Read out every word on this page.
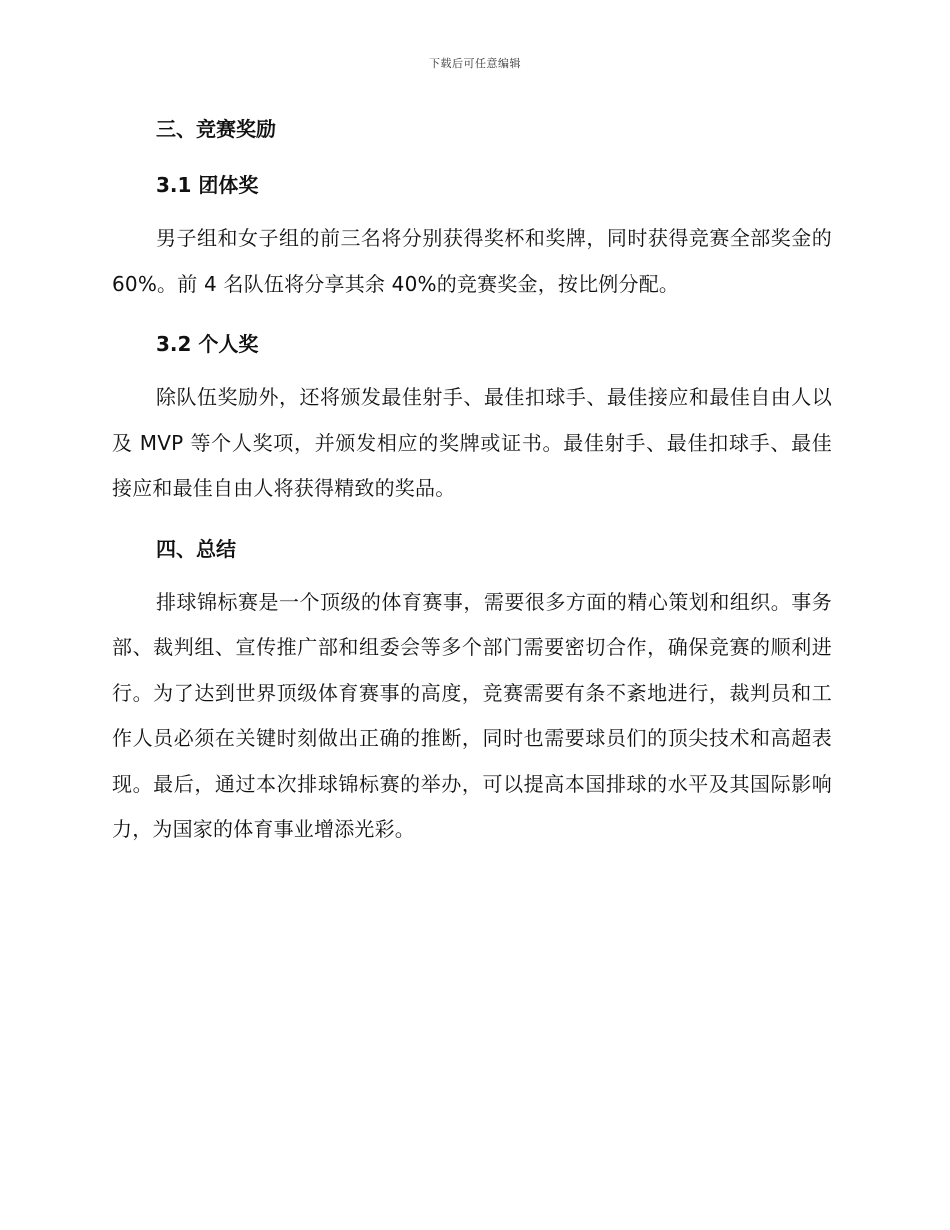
下载后可任意编辑
三、竞赛奖励
3.1 团体奖

男子组和女子组的前三名将分别获得奖杯和奖牌，同时获得竞赛全部奖金的 60%。前 4 名队伍将分享其余 40%的竞赛奖金，按比例分配。

3.2 个人奖

除队伍奖励外，还将颁发最佳射手、最佳扣球手、最佳接应和最佳自由人以及 MVP 等个人奖项，并颁发相应的奖牌或证书。最佳射手、最佳扣球手、最佳接应和最佳自由人将获得精致的奖品。

四、总结

排球锦标赛是一个顶级的体育赛事，需要很多方面的精心策划和组织。事务部、裁判组、宣传推广部和组委会等多个部门需要密切合作，确保竞赛的顺利进行。为了达到世界顶级体育赛事的高度，竞赛需要有条不紊地进行，裁判员和工作人员必须在关键时刻做出正确的推断，同时也需要球员们的顶尖技术和高超表现。最后，通过本次排球锦标赛的举办，可以提高本国排球的水平及其国际影响力，为国家的体育事业增添光彩。
